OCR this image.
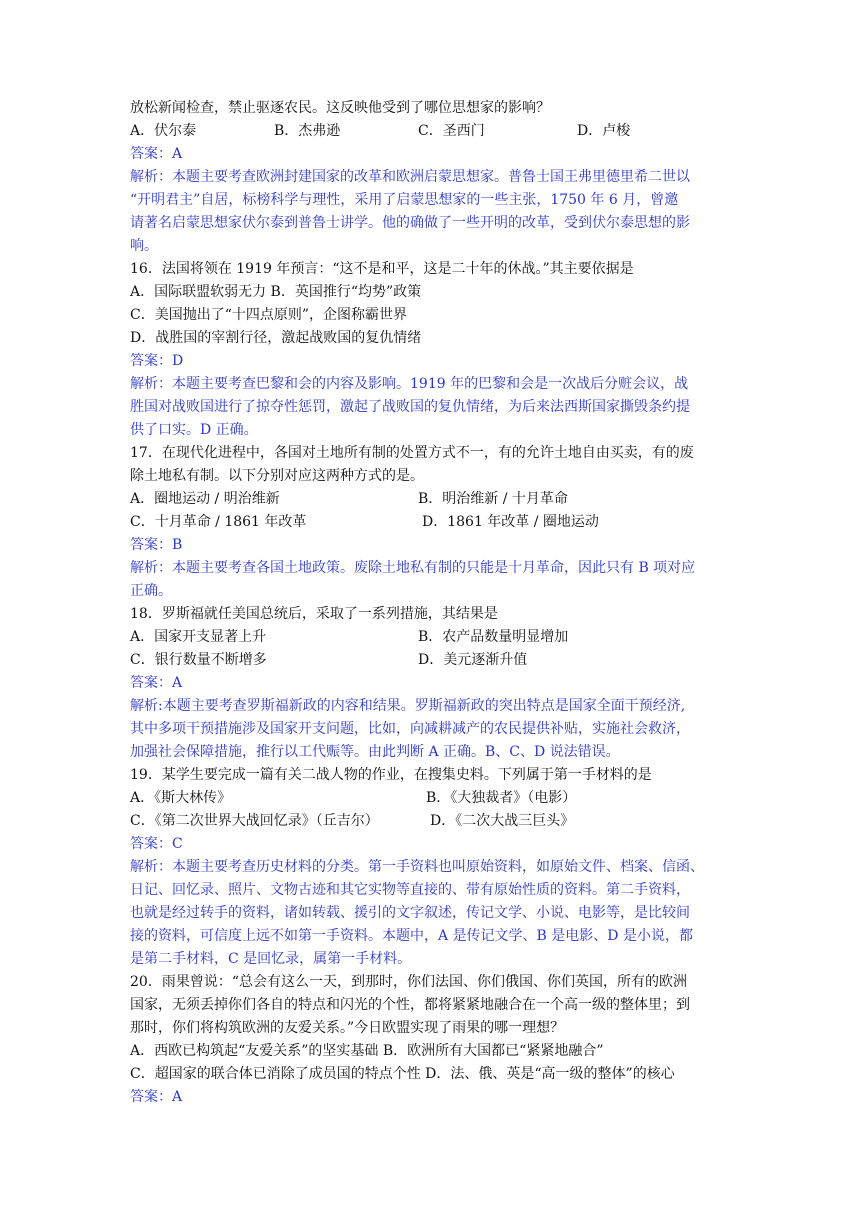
放松新闻检查，禁止驱逐农民。这反映他受到了哪位思想家的影响？
A．伏尔泰	B．杰弗逊	C．圣西门	D．卢梭
答案：A
解析：本题主要考查欧洲封建国家的改革和欧洲启蒙思想家。普鲁士国王弗里德里希二世以
“开明君主”自居，标榜科学与理性，采用了启蒙思想家的一些主张，1750 年 6 月，曾邀
请著名启蒙思想家伏尔泰到普鲁士讲学。他的确做了一些开明的改革，受到伏尔泰思想的影
响。
16．法国将领在 1919 年预言：“这不是和平，这是二十年的休战。”其主要依据是
A．国际联盟软弱无力 B．英国推行“均势”政策
C．美国抛出了“十四点原则”，企图称霸世界
D．战胜国的宰割行径，激起战败国的复仇情绪
答案：D
解析：本题主要考查巴黎和会的内容及影响。1919 年的巴黎和会是一次战后分赃会议，战
胜国对战败国进行了掠夺性惩罚，激起了战败国的复仇情绪，为后来法西斯国家撕毁条约提
供了口实。D 正确。
17．在现代化进程中，各国对土地所有制的处置方式不一，有的允许土地自由买卖，有的废
除土地私有制。以下分别对应这两种方式的是。
A．圈地运动 / 明治维新	B．明治维新 / 十月革命
C．十月革命 / 1861 年改革	D．1861 年改革 / 圈地运动
答案：B
解析：本题主要考查各国土地政策。废除土地私有制的只能是十月革命，因此只有 B 项对应
正确。
18．罗斯福就任美国总统后，采取了一系列措施，其结果是
A．国家开支显著上升	B．农产品数量明显增加
C．银行数量不断增多	D．美元逐渐升值
答案：A
解析:本题主要考查罗斯福新政的内容和结果。罗斯福新政的突出特点是国家全面干预经济,
其中多项干预措施涉及国家开支问题，比如，向减耕减产的农民提供补贴，实施社会救济，
加强社会保障措施，推行以工代赈等。由此判断 A 正确。B、C、D 说法错误。
19．某学生要完成一篇有关二战人物的作业，在搜集史料。下列属于第一手材料的是
A．《斯大林传》	B．《大独裁者》（电影）
C．《第二次世界大战回忆录》（丘吉尔）	D．《二次大战三巨头》
答案：C
解析：本题主要考查历史材料的分类。第一手资料也叫原始资料，如原始文件、档案、信函、
日记、回忆录、照片、文物古迹和其它实物等直接的、带有原始性质的资料。第二手资料，
也就是经过转手的资料，诸如转载、援引的文字叙述，传记文学、小说、电影等，是比较间
接的资料，可信度上远不如第一手资料。本题中，A 是传记文学、B 是电影、D 是小说，都
是第二手材料，C 是回忆录，属第一手材料。
20．雨果曾说：“总会有这么一天，到那时，你们法国、你们俄国、你们英国，所有的欧洲
国家，无须丢掉你们各自的特点和闪光的个性，都将紧紧地融合在一个高一级的整体里；到
那时，你们将构筑欧洲的友爱关系。”今日欧盟实现了雨果的哪一理想？
A．西欧已构筑起“友爱关系”的坚实基础 B．欧洲所有大国都已“紧紧地融合”
C．超国家的联合体已消除了成员国的特点个性 D．法、俄、英是“高一级的整体”的核心
答案：A
